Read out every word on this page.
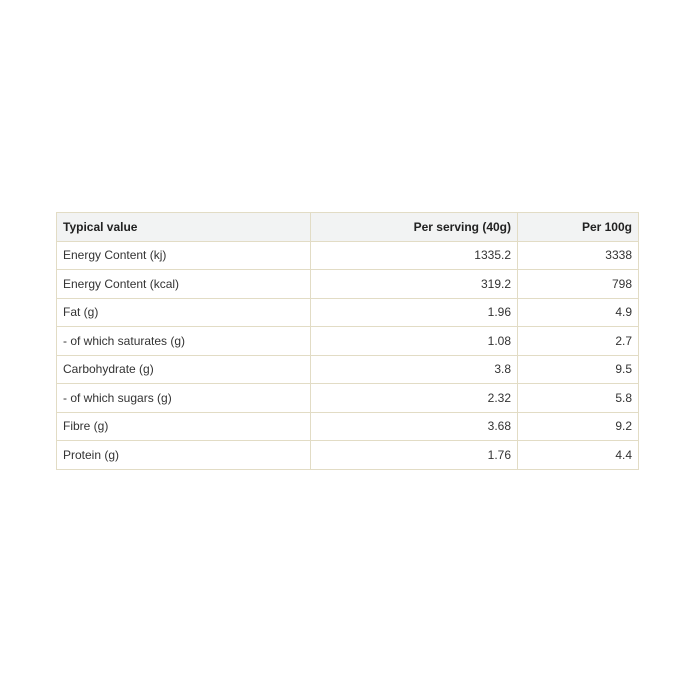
Typical value	Per serving (40g)	Per 100g
Energy Content (kj)	1335.2	3338
Energy Content (kcal)	319.2	798
Fat (g)	1.96	4.9
- of which saturates (g)	1.08	2.7
Carbohydrate (g)	3.8	9.5
- of which sugars (g)	2.32	5.8
Fibre (g)	3.68	9.2
Protein (g)	1.76	4.4
